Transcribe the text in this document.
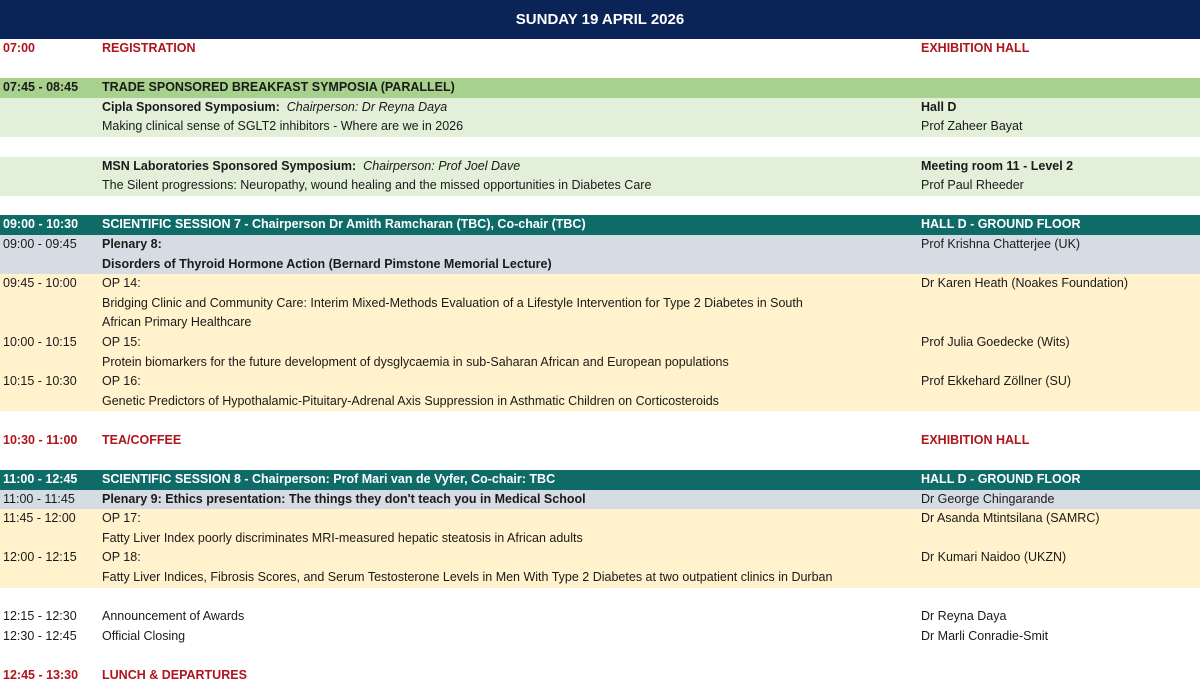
SUNDAY 19 APRIL 2026
07:00	REGISTRATION	EXHIBITION HALL
07:45 - 08:45 TRADE SPONSORED BREAKFAST SYMPOSIA (PARALLEL)
Cipla Sponsored Symposium: Chairperson: Dr Reyna Daya	Hall D
Making clinical sense of SGLT2 inhibitors - Where are we in 2026	Prof Zaheer Bayat
MSN Laboratories Sponsored Symposium: Chairperson: Prof Joel Dave	Meeting room 11 - Level 2
The Silent progressions: Neuropathy, wound healing and the missed opportunities in Diabetes Care	Prof Paul Rheeder
09:00 - 10:30 SCIENTIFIC SESSION 7 - Chairperson Dr Amith Ramcharan (TBC), Co-chair (TBC)	HALL D - GROUND FLOOR
09:00 - 09:45 Plenary 8:	Prof Krishna Chatterjee (UK)
Disorders of Thyroid Hormone Action (Bernard Pimstone Memorial Lecture)
09:45 - 10:00 OP 14:	Dr Karen Heath (Noakes Foundation)
Bridging Clinic and Community Care: Interim Mixed-Methods Evaluation of a Lifestyle Intervention for Type 2 Diabetes in South
African Primary Healthcare
10:00 - 10:15 OP 15:	Prof Julia Goedecke (Wits)
Protein biomarkers for the future development of dysglycaemia in sub-Saharan African and European populations
10:15 - 10:30 OP 16:	Prof Ekkehard Zöllner (SU)
Genetic Predictors of Hypothalamic-Pituitary-Adrenal Axis Suppression in Asthmatic Children on Corticosteroids
10:30 - 11:00 TEA/COFFEE	EXHIBITION HALL
11:00 - 12:45 SCIENTIFIC SESSION 8 - Chairperson: Prof Mari van de Vyfer, Co-chair: TBC	HALL D - GROUND FLOOR
11:00 - 11:45 Plenary 9: Ethics presentation: The things they don't teach you in Medical School	Dr George Chingarande
11:45 - 12:00 OP 17:	Dr Asanda Mtintsilana (SAMRC)
Fatty Liver Index poorly discriminates MRI-measured hepatic steatosis in African adults
12:00 - 12:15 OP 18:	Dr Kumari Naidoo (UKZN)
Fatty Liver Indices, Fibrosis Scores, and Serum Testosterone Levels in Men With Type 2 Diabetes at two outpatient clinics in Durban
12:15 - 12:30 Announcement of Awards	Dr Reyna Daya
12:30 - 12:45 Official Closing	Dr Marli Conradie-Smit
12:45 - 13:30 LUNCH & DEPARTURES
